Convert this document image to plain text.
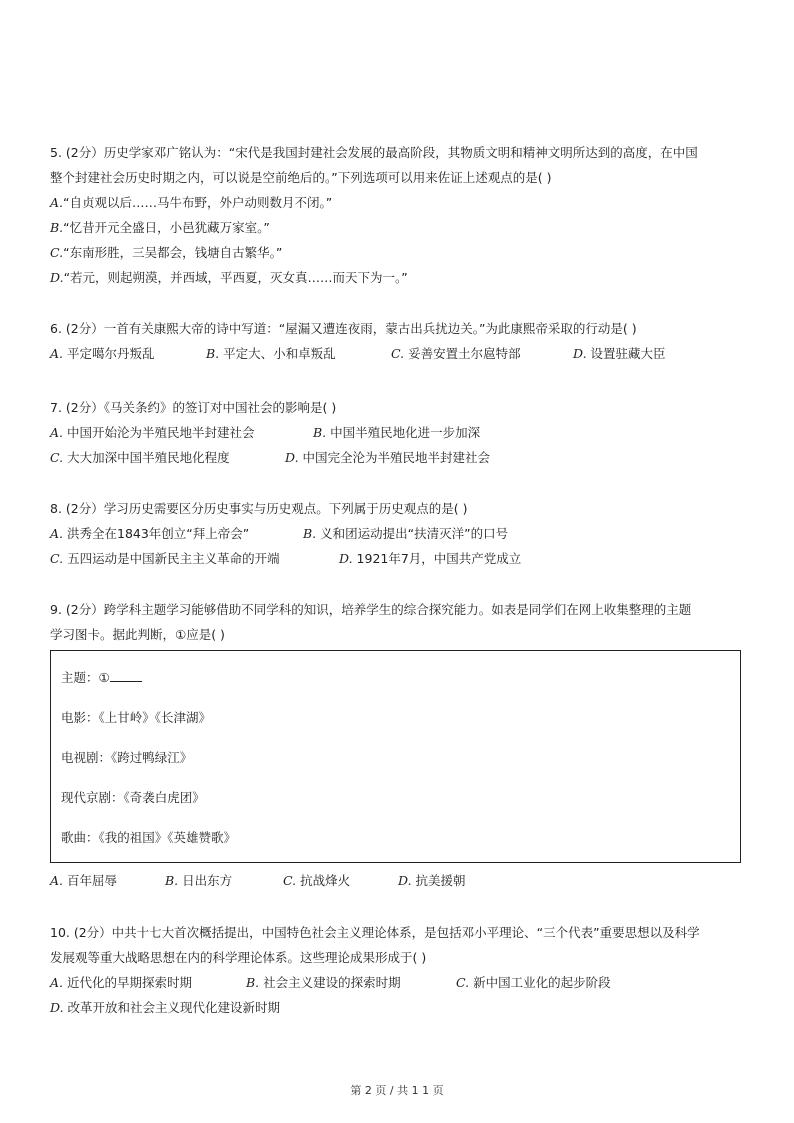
5. (2分）历史学家邓广铭认为：“宋代是我国封建社会发展的最高阶段，其物质文明和精神文明所达到的高度，在中国
整个封建社会历史时期之内，可以说是空前绝后的。”下列选项可以用来佐证上述观点的是( )
A.“自贞观以后……马牛布野，外户动则数月不闭。”
B.“忆昔开元全盛日，小邑犹藏万家室。”
C.“东南形胜，三吴都会，钱塘自古繁华。”
D.“若元，则起朔漠，并西域，平西夏，灭女真……而天下为一。”
6. (2分）一首有关康熙大帝的诗中写道：“屋漏又遭连夜雨，蒙古出兵扰边关。”为此康熙帝采取的行动是( )
A. 平定噶尔丹叛乱	B. 平定大、小和卓叛乱	C. 妥善安置土尔扈特部	D. 设置驻藏大臣
7. (2分）《马关条约》的签订对中国社会的影响是( )
A. 中国开始沦为半殖民地半封建社会	B. 中国半殖民地化进一步加深
C. 大大加深中国半殖民地化程度	D. 中国完全沦为半殖民地半封建社会
8. (2分）学习历史需要区分历史事实与历史观点。下列属于历史观点的是( )
A. 洪秀全在1843年创立“拜上帝会”	B. 义和团运动提出“扶清灭洋”的口号
C. 五四运动是中国新民主主义革命的开端	D. 1921年7月，中国共产党成立
9. (2分）跨学科主题学习能够借助不同学科的知识，培养学生的综合探究能力。如表是同学们在网上收集整理的主题
学习图卡。据此判断，①应是( )
主题：①
电影：《上甘岭》《长津湖》
电视剧：《跨过鸭绿江》
现代京剧：《奇袭白虎团》
歌曲：《我的祖国》《英雄赞歌》
A. 百年屈辱	B. 日出东方	C. 抗战烽火	D. 抗美援朝
10. (2分）中共十七大首次概括提出，中国特色社会主义理论体系，是包括邓小平理论、“三个代表”重要思想以及科学
发展观等重大战略思想在内的科学理论体系。这些理论成果形成于( )
A. 近代化的早期探索时期	B. 社会主义建设的探索时期	C. 新中国工业化的起步阶段
D. 改革开放和社会主义现代化建设新时期
第 2 页 / 共 1 1 页
